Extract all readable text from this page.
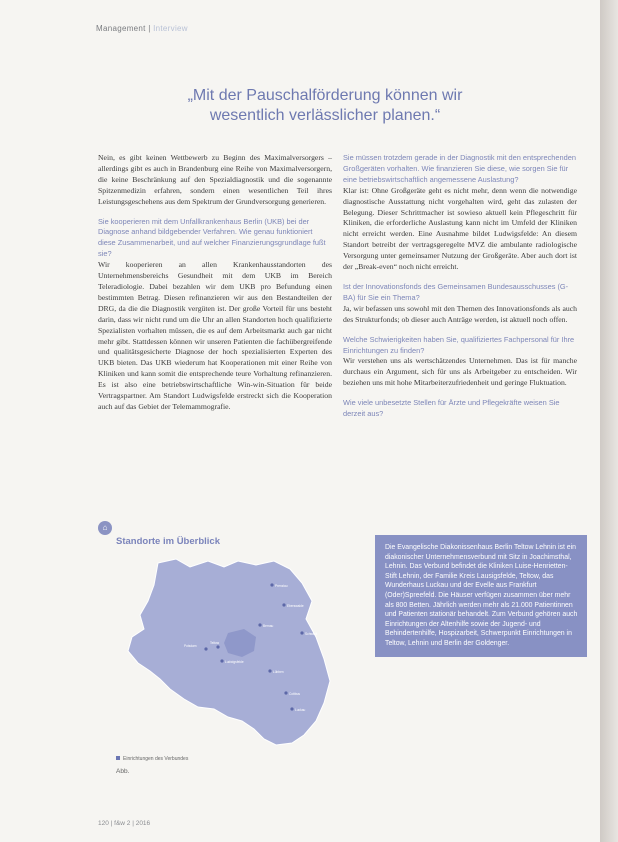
Management | Interview
„Mit der Pauschalförderung können wir wesentlich verlässlicher planen.“

Nein, es gibt keinen Wettbewerb zu Beginn des Maximalversorgers – allerdings gibt es auch in Brandenburg eine Reihe von Maximalversorgern, die keine Beschränkung auf den Spezialdiagnostik und die sogenannte Spitzenmedizin erfahren, sondern einen wesentlichen Teil ihres Leistungsgeschehens aus dem Spektrum der Grundversorgung generieren.

Sie kooperieren mit dem Unfallkrankenhaus Berlin (UKB) bei der Diagnose anhand bildgebender Verfahren. Wie genau funktioniert diese Zusammenarbeit, und auf welcher Finanzierungsgrundlage fußt sie?

Wir kooperieren an allen Krankenhausstandorten des Unternehmensbereichs Gesundheit mit dem UKB im Bereich Teleradiologie. Dabei bezahlen wir dem UKB pro Befundung einen bestimmten Betrag. Diesen refinanzieren wir aus den Bestandteilen der DRG, da die die Diagnostik vergüten ist. Der große Vorteil für uns besteht darin, dass wir nicht rund um die Uhr an allen Standorten hoch qualifizierte Spezialisten vorhalten müssen, die es auf dem Arbeitsmarkt auch gar nicht mehr gibt. Stattdessen können wir unseren Patienten die fachübergreifende und qualitätsgesicherte Diagnose der hoch spezialisierten Experten des UKB bieten. Das UKB wiederum hat Kooperationen mit einer Reihe von Kliniken und kann somit die entsprechende teure Vorhaltung refinanzieren. Es ist also eine betriebswirtschaftliche Win-win-Situation für beide Vertragspartner. Am Standort Ludwigsfelde erstreckt sich die Kooperation auch auf das Gebiet der Telemammografie.

Sie müssen trotzdem gerade in der Diagnostik mit den entsprechenden Großgeräten vorhalten. Wie finanzieren Sie diese, wie sorgen Sie für eine betriebswirtschaftlich angemessene Auslastung?

Klar ist: Ohne Großgeräte geht es nicht mehr, denn wenn die notwendige diagnostische Ausstattung nicht vorgehalten wird, geht das zulasten der Belegung. Dieser Schrittmacher ist sowieso aktuell kein Pflegeschritt für Kliniken, die erforderliche Auslastung kann nicht im Umfeld der Kliniken nicht erreicht werden. Eine Ausnahme bildet Ludwigsfelde: An diesem Standort betreibt der vertragsgeregelte MVZ die ambulante radiologische Versorgung unter gemeinsamer Nutzung der Großgeräte. Aber auch dort ist der „Break-even“ noch nicht erreicht.

Ist der Innovationsfonds des Gemeinsamen Bundesausschusses (G-BA) für Sie ein Thema?

Ja, wir befassen uns sowohl mit den Themen des Innovationsfonds als auch des Strukturfonds; ob dieser auch Anträge werden, ist aktuell noch offen.

Welche Schwierigkeiten haben Sie, qualifiziertes Fachpersonal für Ihre Einrichtungen zu finden?

Wir verstehen uns als wertschätzendes Unternehmen. Das ist für manche durchaus ein Argument, sich für uns als Arbeitgeber zu entscheiden. Wir beziehen uns mit hohe Mitarbeiterzufriedenheit und geringe Fluktuation.

Wie viele unbesetzte Stellen für Ärzte und Pflegekräfte weisen Sie derzeit aus?

⌂
Standorte im Überblick
Eberswalde
Prenzlau
Schwedt
Bernau
Potsdam
Ludwigsfelde
Teltow
Cottbus
Lübben
Luckau
Einrichtungen des Verbundes
Abb.
Die Evangelische Diakonissenhaus Berlin Teltow Lehnin ist ein diakonischer Unternehmensverbund mit Sitz in Joachimsthal, Lehnin. Das Verbund befindet die Kliniken Luise-Henrietten-Stift Lehnin, der Familie Kreis Lausigsfelde, Teltow, das Wunderhaus Luckau und der Evelle aus Frankfurt (Oder)Spreefeld. Die Häuser verfügen zusammen über mehr als 800 Betten. Jährlich werden mehr als 21.000 Patientinnen und Patienten stationär behandelt. Zum Verbund gehören auch Einrichtungen der Altenhilfe sowie der Jugend- und Behindertenhilfe, Hospizarbeit, Schwerpunkt Einrichtungen in Teltow, Lehnin und Berlin der Goldenger.
120 | f&w 2 | 2016
